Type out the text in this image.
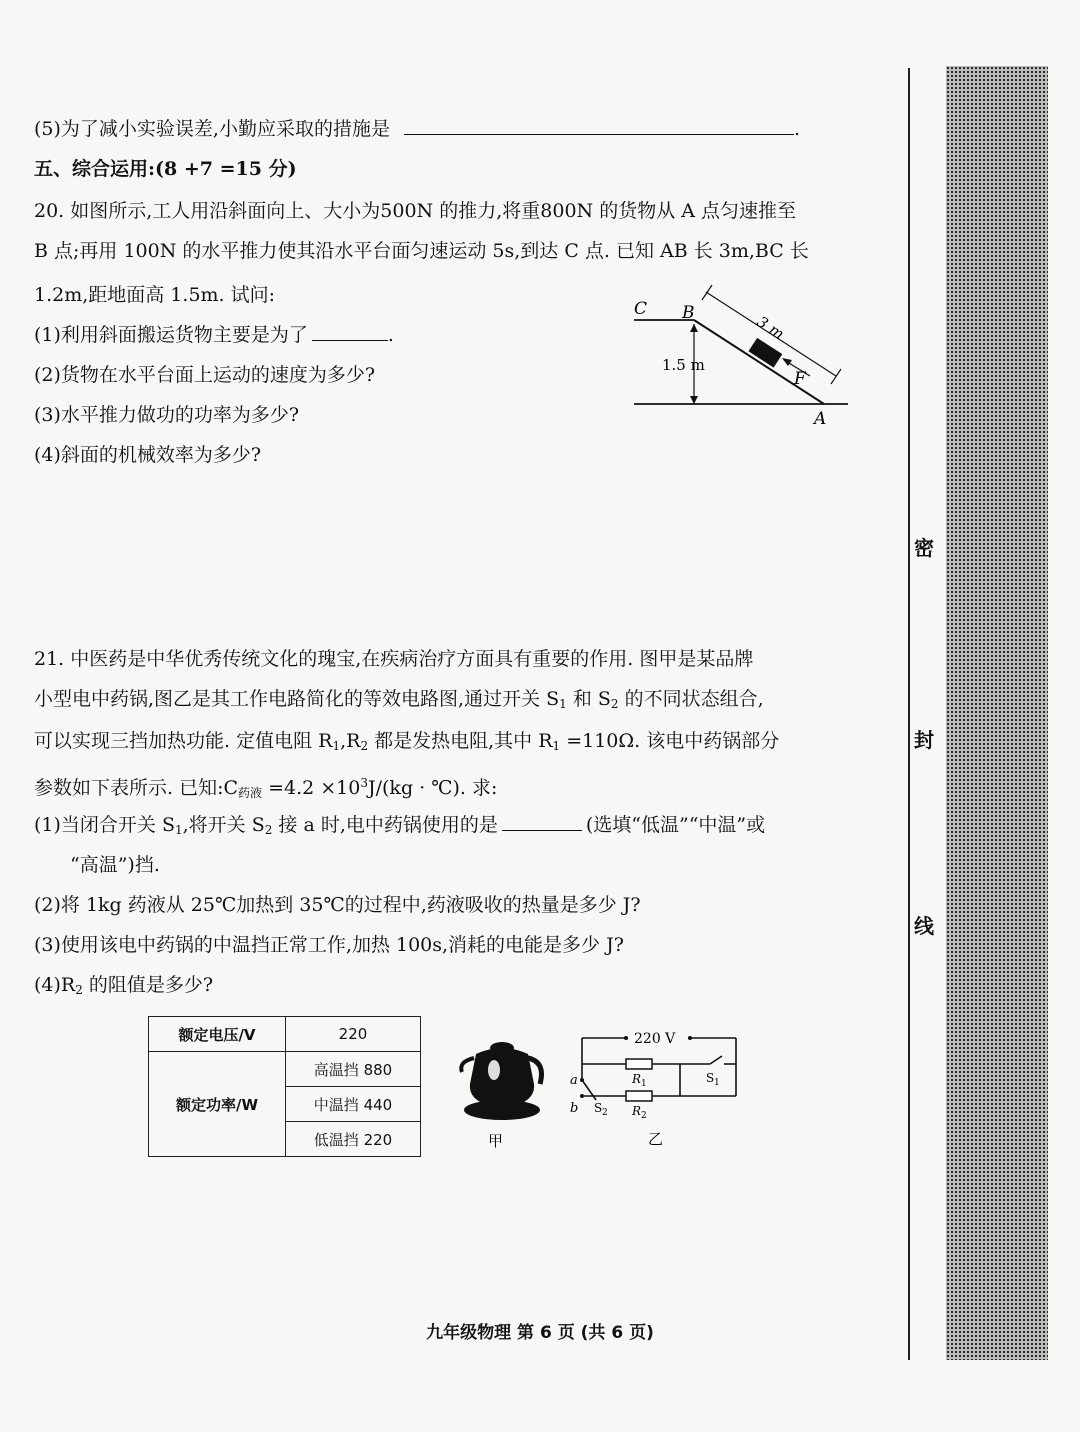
密
封
线
(5)为了减小实验误差,小勤应采取的措施是	.
五、综合运用:(8 +7 =15 分)
20. 如图所示,工人用沿斜面向上、大小为500N 的推力,将重800N 的货物从 A 点匀速推至
B 点;再用 100N 的水平推力使其沿水平台面匀速运动 5s,到达 C 点. 已知 AB 长 3m,BC 长
1.2m,距地面高 1.5m. 试问:
(1)利用斜面搬运货物主要是为了	.
(2)货物在水平台面上运动的速度为多少?
(3)水平推力做功的功率为多少?
(4)斜面的机械效率为多少?
C B
A
1.5 m
3 m
F
21. 中医药是中华优秀传统文化的瑰宝,在疾病治疗方面具有重要的作用. 图甲是某品牌
小型电中药锅,图乙是其工作电路简化的等效电路图,通过开关 $S_1$ 和 $S_2$ 的不同状态组合,
可以实现三挡加热功能. 定值电阻 $R_1,R_2$ 都是发热电阻,其中 $R_1 =110\Omega$. 该电中药锅部分
参数如下表所示. 已知$:C_{药液} =4.2 \times 10^3J/(kg$ · ℃). 求:
(1)当闭合开关 $S_1$,将开关 $S_2$ 接 a 时,电中药锅使用的是	(选填“低温”“中温”或
“高温”)挡.
(2)将 1kg 药液从 25℃加热到 35℃的过程中,药液吸收的热量是多少 J?
(3)使用该电中药锅的中温挡正常工作,加热 100s,消耗的电能是多少 J?
$(4)R_2$ 的阻值是多少?
额定电压/V	220
额定功率/W	高温挡 880
	中温挡 440
	低温挡 220	甲
220 V
R 1
R 2
S 1
S 2
a
b
乙
九年级物理 第 6 页 (共 6 页)
